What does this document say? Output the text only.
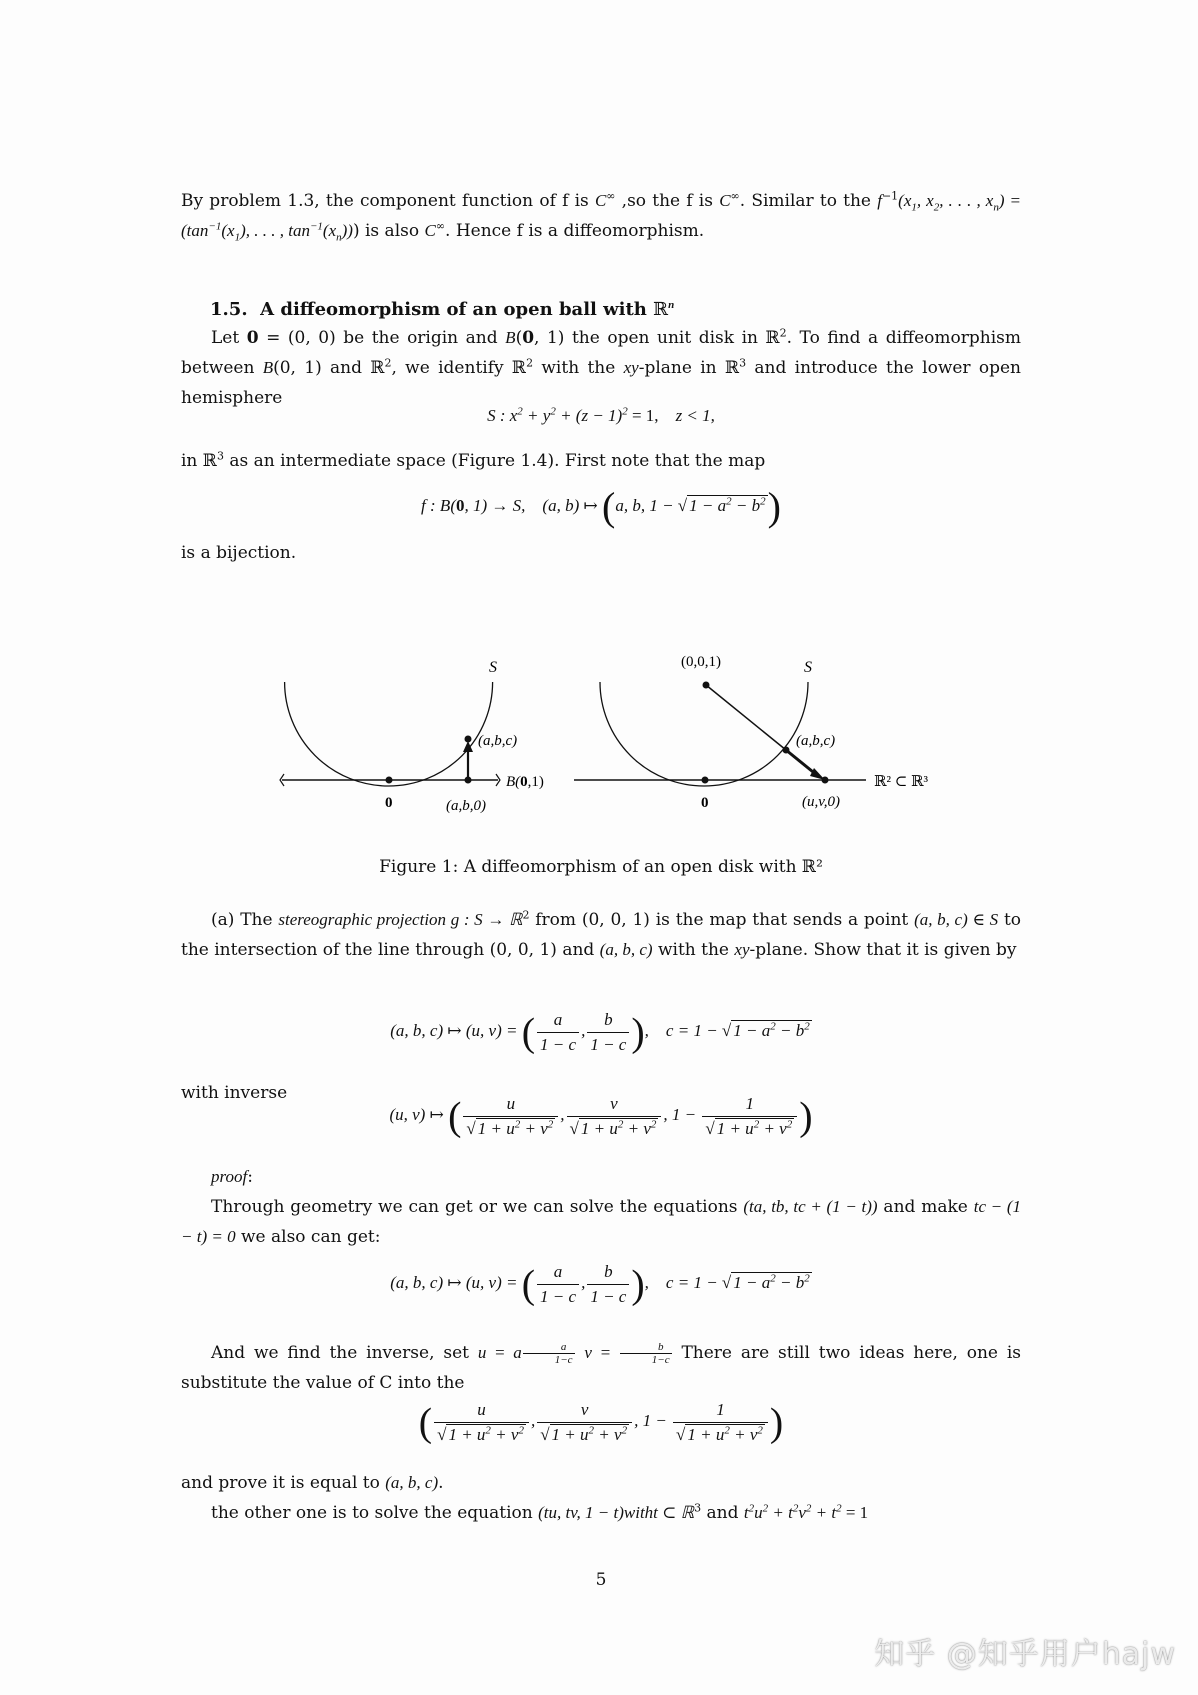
By problem 1.3, the component function of f is C∞ ,so the f is C∞. Similar to the $f^{-1}(x_1$, $x_2$, . . . , $x_n) = (\tan^{-1}(x_1)$, . . . , $\tan^{-1}(x_n)$)) is also C∞. Hence f is a diffeomorphism.
1.5. A diffeomorphism of an open ball with ℝ$^n$
Let 0 = (0, 0) be the origin and B(0, 1) the open unit disk in ℝ$^2$. To find a diffeomorphism between B(0, 1) and ℝ$^2$, we identify ℝ$^2$ with the xy-plane in ℝ$^3$ and introduce the lower open hemisphere
S : $x^2 + y^2 + (z - 1)^2 = 1$, z < 1,
in ℝ$^3$ as an intermediate space (Figure 1.4). First note that the map
f : B(0, 1) → S, (a, b) ↦ (a, b, 1 − √ $1 - a^2 - b^2$)
is a bijection.
S
(a,b,c)
B(0,1)
0	(a,b,0)
(0,0,1)	S
(a,b,c)
ℝ² ⊂ ℝ³
0	(u,v,0)
Figure 1: A diffeomorphism of an open disk with ℝ²
(a) The stereographic projection g : S → ℝ$^2$ from (0, 0, 1) is the map that sends a point (a, b, c) ∈ S to the intersection of the line through (0, 0, 1) and (a, b, c) with the xy-plane. Show that it is given by
(a, b, c) ↦ (u, v) = ( $\frac{a}{1 - c}$ , $\frac{b}{1 - c}$ ),    c = 1 − √ $1 - a^2 - b^2$
with inverse
(u, v) ↦ ( $\frac{u}{√ 1 + u^2 + v^2}$ , $\frac{v}{√ 1 + u^2 + v^2}$ , $1 - \frac{1}{√ 1 + u^2 + v^2}$ )
proof:
Through geometry we can get or we can solve the equations (ta, tb, tc + (1 − t)) and make tc − (1 − t) = 0 we also can get:
(a, b, c) ↦ (u, v) = ( $\frac{a}{1 - c}$ , $\frac{b}{1 - c}$ ),    c = 1 − √ $1 - a^2 - b^2$
And we find the inverse, set u = a $\frac{a}{1-c}$ $v = \frac{b}{1-c}$ There are still two ideas here, one is substitute the value of C into the
( $\frac{u}{√ 1 + u^2 + v^2}$ , $\frac{v}{√ 1 + u^2 + v^2}$ , $1 - \frac{1}{√ 1 + u^2 + v^2}$ )
and prove it is equal to (a, b, c).
the other one is to solve the equation (tu, tv, 1 − t)witht ⊂ ℝ$^3$ and $t^2u^2 + t^2v^2 + t^2 = 1$
5
知乎 @知乎用户hajw
